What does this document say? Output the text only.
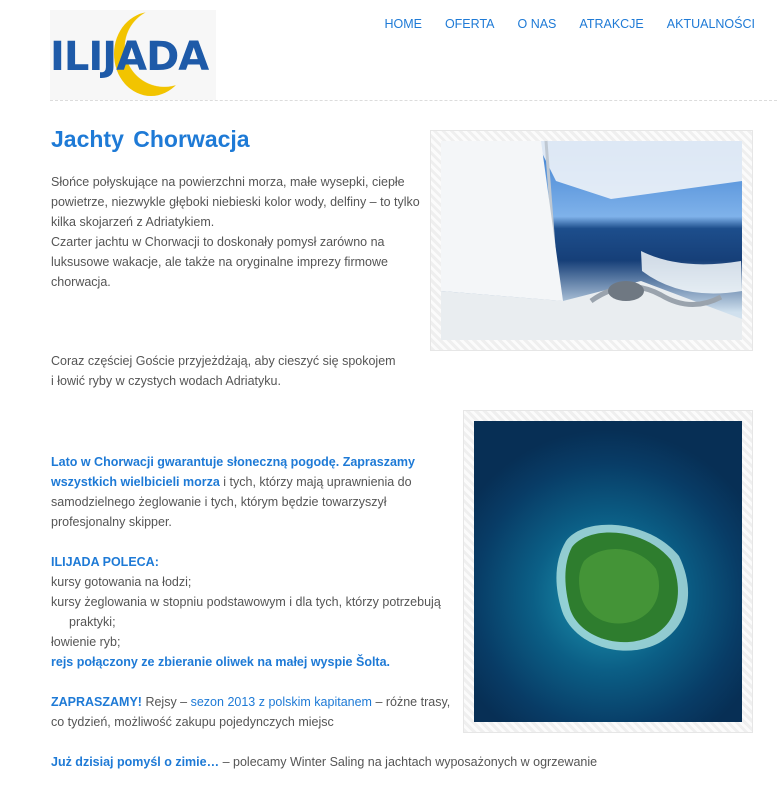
ILIJADA
HOME OFERTA O NAS ATRAKCJE AKTUALNOŚCI
Jachty Chorwacja

Słońce połyskujące na powierzchni morza, małe wysepki, ciepłe
powietrze, niezwykle głęboki niebieski kolor wody, delfiny – to tylko
kilka skojarzeń z Adriatykiem.
Czarter jachtu w Chorwacji to doskonały pomysł zarówno na
luksusowe wakacje, ale także na oryginalne imprezy firmowe
chorwacja.

Coraz częściej Goście przyjeżdżają, aby cieszyć się spokojem
i łowić ryby w czystych wodach Adriatyku.

Lato w Chorwacji gwarantuje słoneczną pogodę. Zapraszamy
wszystkich wielbicieli morza i tych, którzy mają uprawnienia do
samodzielnego żeglowanie i tych, którym będzie towarzyszył
profesjonalny skipper.

ILIJADA POLECA:
kursy gotowania na łodzi;
kursy żeglowania w stopniu podstawowym i dla tych, którzy potrzebują
praktyki;
łowienie ryb;
rejs połączony ze zbieranie oliwek na małej wyspie Šolta.

ZAPRASZAMY! Rejsy – sezon 2013 z polskim kapitanem – różne trasy,
co tydzień, możliwość zakupu pojedynczych miejsc

Już dzisiaj pomyśl o zimie… – polecamy Winter Saling na jachtach wyposażonych w ogrzewanie
